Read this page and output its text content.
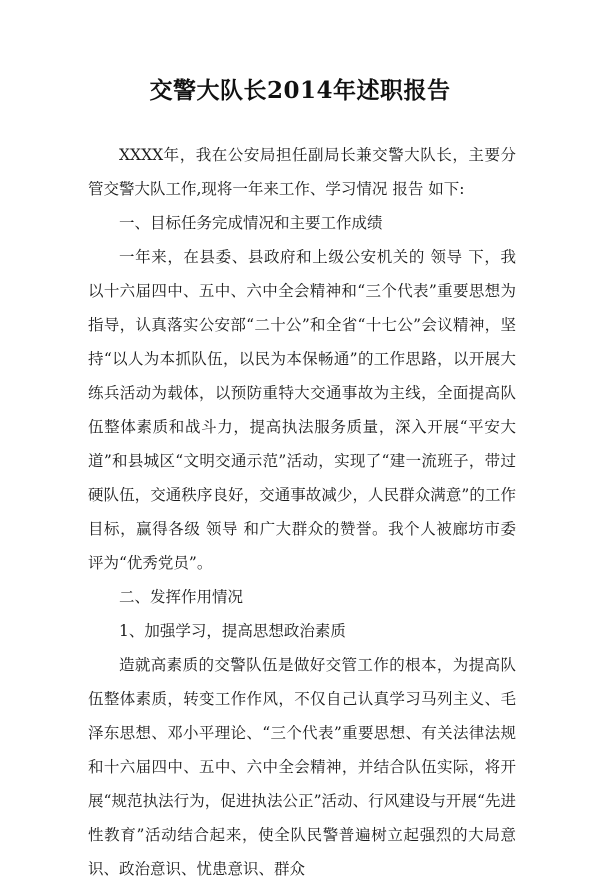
交警大队长2014年述职报告

XXXX年，我在公安局担任副局长兼交警大队长，主要分管交警大队工作,现将一年来工作、学习情况 报告 如下:

一、目标任务完成情况和主要工作成绩

一年来，在县委、县政府和上级公安机关的 领导 下，我以十六届四中、五中、六中全会精神和“三个代表”重要思想为指导，认真落实公安部“二十公”和全省“十七公”会议精神，坚持“以人为本抓队伍，以民为本保畅通”的工作思路，以开展大练兵活动为载体，以预防重特大交通事故为主线，全面提高队伍整体素质和战斗力，提高执法服务质量，深入开展“平安大道”和县城区“文明交通示范”活动，实现了“建一流班子，带过硬队伍，交通秩序良好，交通事故减少，人民群众满意”的工作目标，赢得各级 领导 和广大群众的赞誉。我个人被廊坊市委评为“优秀党员”。

二、发挥作用情况

1、加强学习，提高思想政治素质

造就高素质的交警队伍是做好交管工作的根本，为提高队伍整体素质，转变工作作风，不仅自己认真学习马列主义、毛泽东思想、邓小平理论、“三个代表”重要思想、有关法律法规和十六届四中、五中、六中全会精神，并结合队伍实际，将开展“规范执法行为，促进执法公正”活动、行风建设与开展“先进性教育”活动结合起来，使全队民警普遍树立起强烈的大局意识、政治意识、忧患意识、群众
